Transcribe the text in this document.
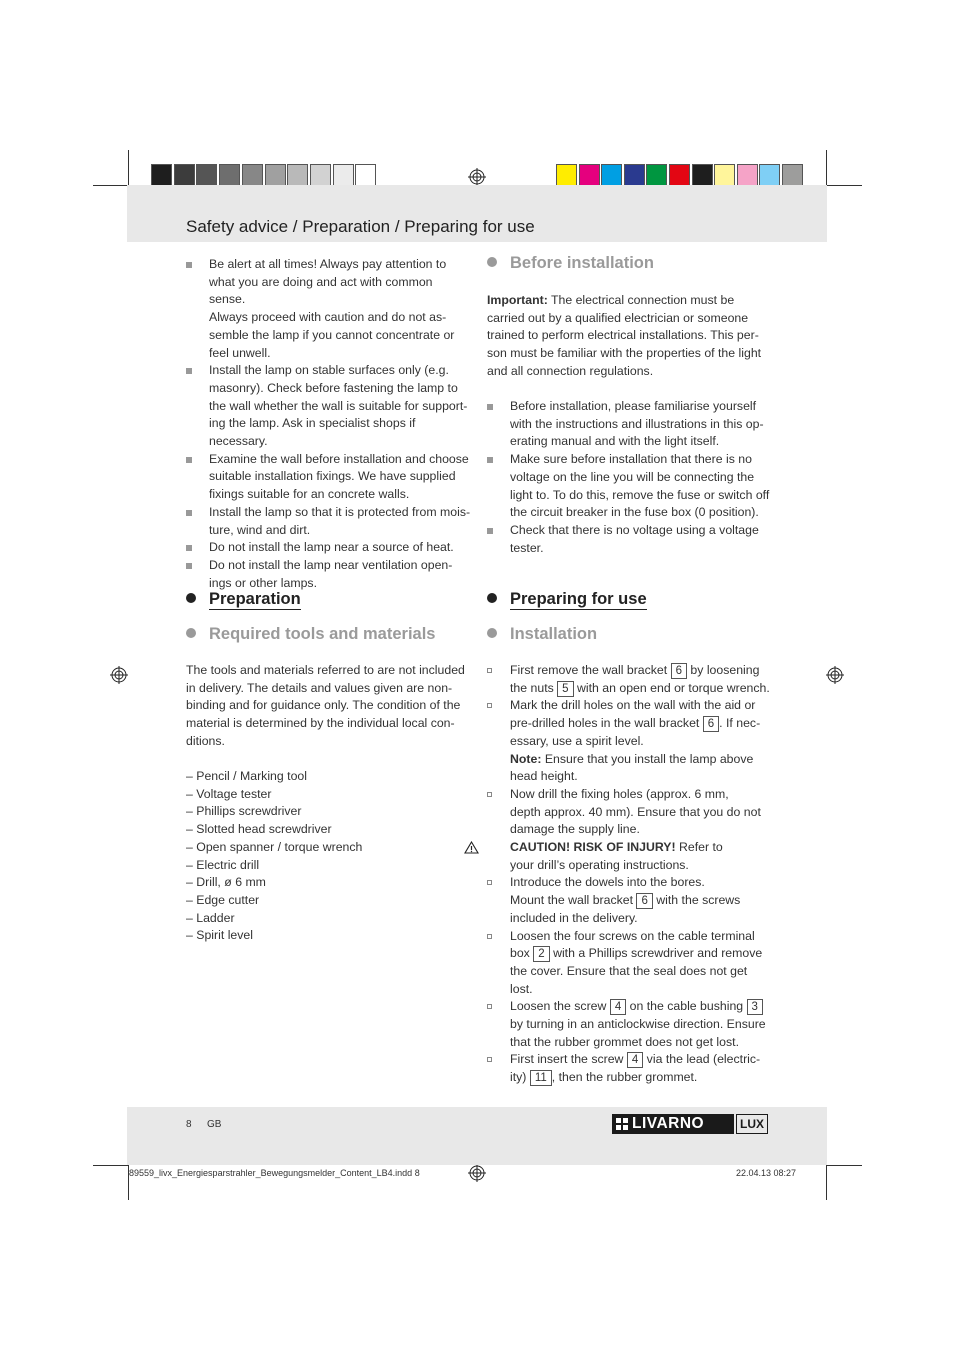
Safety advice / Preparation / Preparing for use
Be alert at all times! Always pay attention to
what you are doing and act with common sense.
Always proceed with caution and do not as-
semble the lamp if you cannot concentrate or
feel unwell.
Install the lamp on stable surfaces only (e.g.
masonry). Check before fastening the lamp to
the wall whether the wall is suitable for support-
ing the lamp. Ask in specialist shops if necessary.
Examine the wall before installation and choose
suitable installation fixings. We have supplied
fixings suitable for an concrete walls.
Install the lamp so that it is protected from mois-
ture, wind and dirt.
Do not install the lamp near a source of heat.
Do not install the lamp near ventilation open-
ings or other lamps.
Preparation
Required tools and materials
The tools and materials referred to are not included
in delivery. The details and values given are non-
binding and for guidance only. The condition of the
material is determined by the individual local con-
ditions.
– Pencil / Marking tool
– Voltage tester
– Phillips screwdriver
– Slotted head screwdriver
– Open spanner / torque wrench
– Electric drill
– Drill, ø 6 mm
– Edge cutter
– Ladder
– Spirit level
Before installation
Important: The electrical connection must be
carried out by a qualified electrician or someone
trained to perform electrical installations. This per-
son must be familiar with the properties of the light
and all connection regulations.
Before installation, please familiarise yourself
with the instructions and illustrations in this op-
erating manual and with the light itself.
Make sure before installation that there is no
voltage on the line you will be connecting the
light to. To do this, remove the fuse or switch off
the circuit breaker in the fuse box (0 position).
Check that there is no voltage using a voltage
tester.
Preparing for use
Installation
First remove the wall bracket 6 by loosening
the nuts 5 with an open end or torque wrench.
Mark the drill holes on the wall with the aid or
pre-drilled holes in the wall bracket 6 . If nec-
essary, use a spirit level.
Note: Ensure that you install the lamp above
head height.
Now drill the fixing holes (approx. 6 mm,
depth approx. 40 mm). Ensure that you do not
damage the supply line.
CAUTION! RISK OF INJURY! Refer to
your drill’s operating instructions.
Introduce the dowels into the bores.
Mount the wall bracket 6 with the screws
included in the delivery.
Loosen the four screws on the cable terminal
box 2 with a Phillips screwdriver and remove
the cover. Ensure that the seal does not get
lost.
Loosen the screw 4 on the cable bushing 3
by turning in an anticlockwise direction. Ensure
that the rubber grommet does not get lost.
First insert the screw 4 via the lead (electric-
ity) 11 , then the rubber grommet.
8 GB	LIVARNO	LUX
89559_livx_Energiesparstrahler_Bewegungsmelder_Content_LB4.indd 8	22.04.13 08:27
